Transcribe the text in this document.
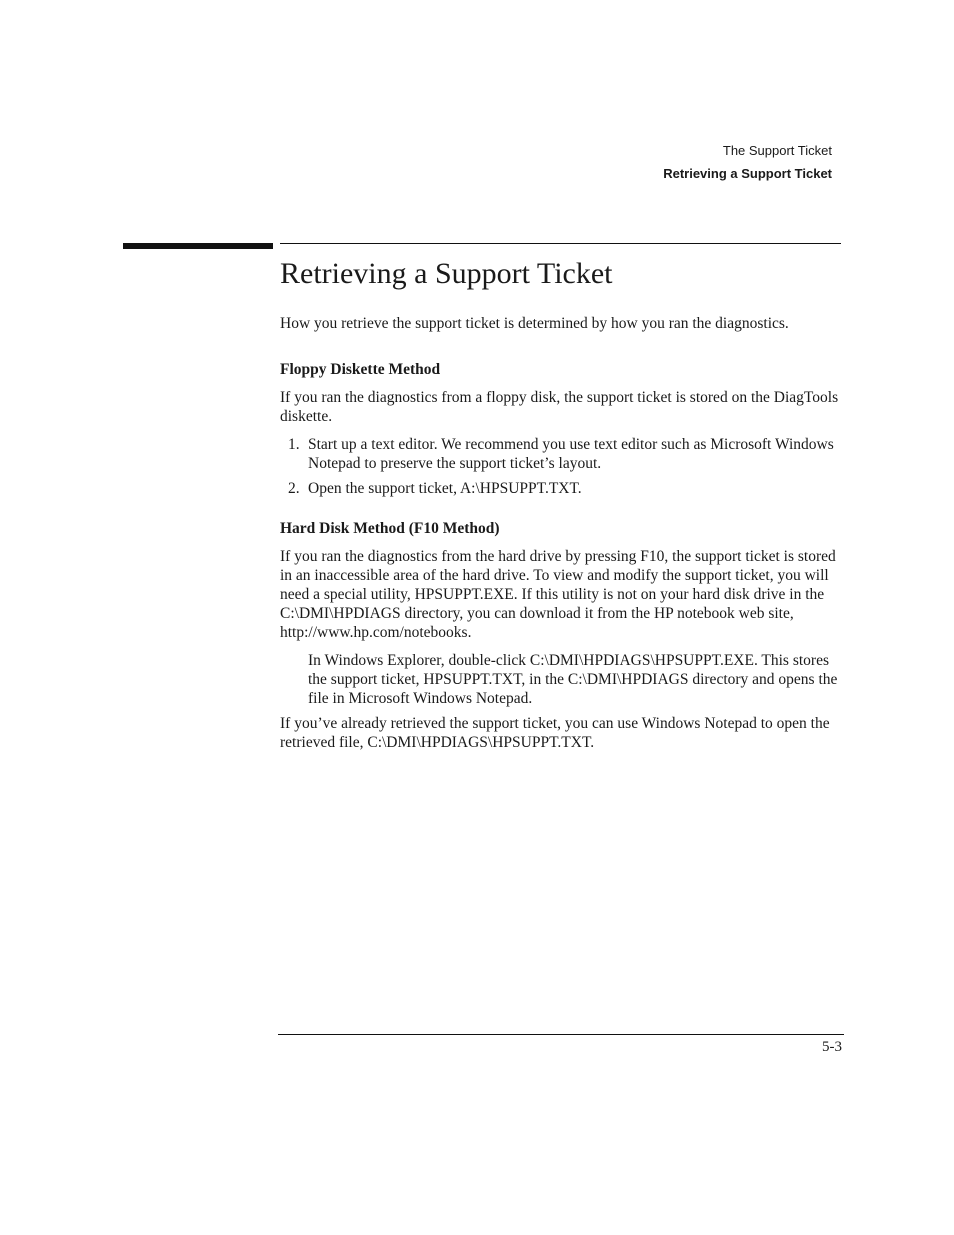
The Support Ticket
Retrieving a Support Ticket
Retrieving a Support Ticket

How you retrieve the support ticket is determined by how you ran the diagnostics.

Floppy Diskette Method

If you ran the diagnostics from a floppy disk, the support ticket is stored on the DiagTools diskette.

1. Start up a text editor. We recommend you use text editor such as Microsoft Windows Notepad to preserve the support ticket’s layout.
2. Open the support ticket, A:\HPSUPPT.TXT.
Hard Disk Method (F10 Method)

If you ran the diagnostics from the hard drive by pressing F10, the support ticket is stored in an inaccessible area of the hard drive. To view and modify the support ticket, you will need a special utility, HPSUPPT.EXE. If this utility is not on your hard disk drive in the C:\DMI\HPDIAGS directory, you can download it from the HP notebook web site, http://www.hp.com/notebooks.

In Windows Explorer, double-click C:\DMI\HPDIAGS\HPSUPPT.EXE. This stores the support ticket, HPSUPPT.TXT, in the C:\DMI\HPDIAGS directory and opens the file in Microsoft Windows Notepad.

If you’ve already retrieved the support ticket, you can use Windows Notepad to open the retrieved file, C:\DMI\HPDIAGS\HPSUPPT.TXT.

5-3
